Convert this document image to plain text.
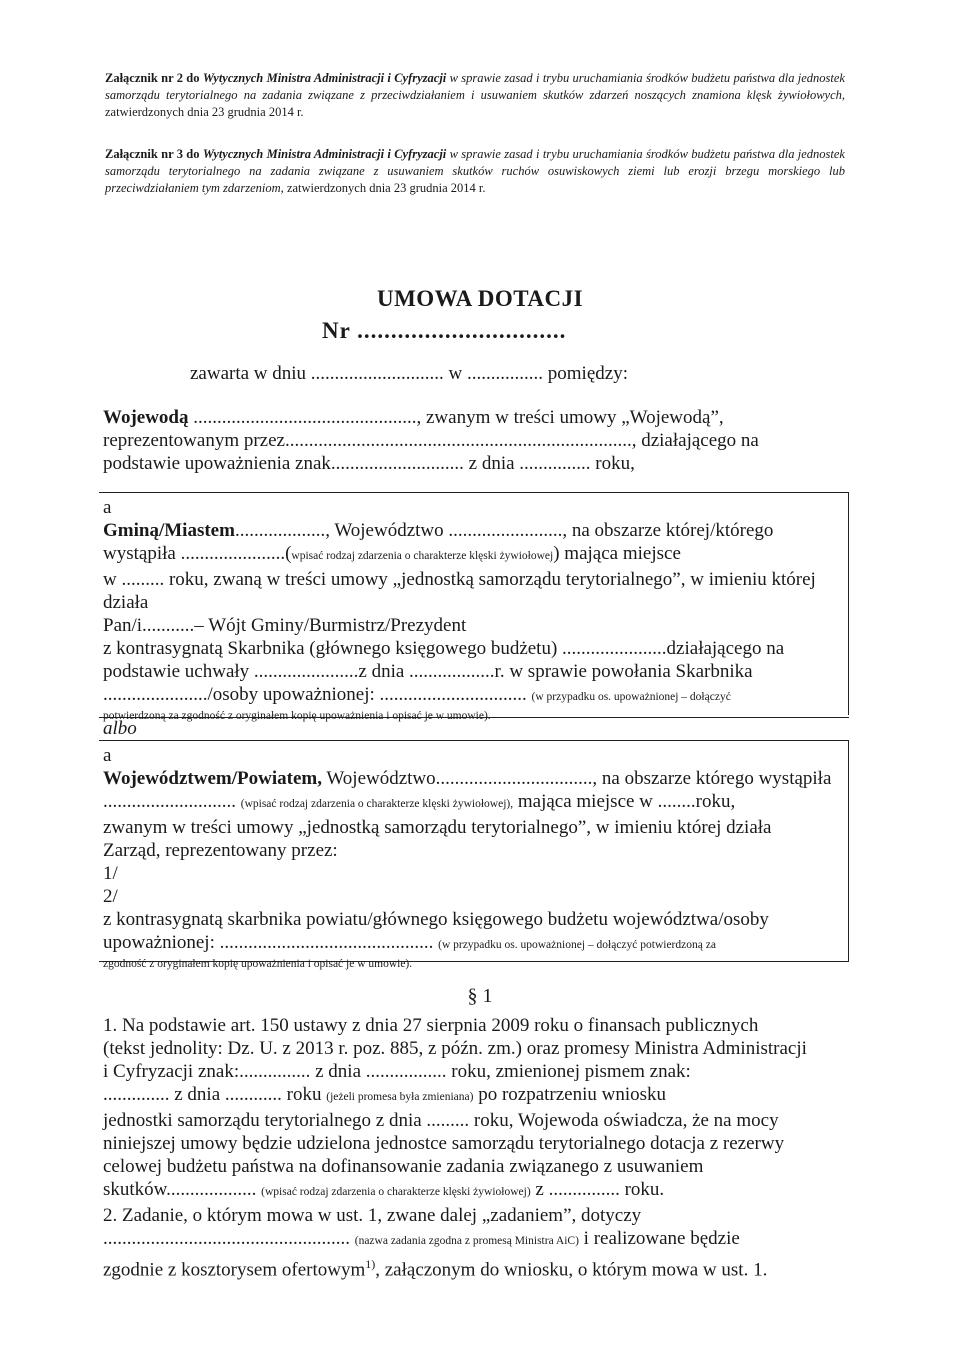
Załącznik nr 2 do Wytycznych Ministra Administracji i Cyfryzacji w sprawie zasad i trybu uruchamiania środków budżetu państwa dla jednostek samorządu terytorialnego na zadania związane z przeciwdziałaniem i usuwaniem skutków zdarzeń noszących znamiona klęsk żywiołowych, zatwierdzonych dnia 23 grudnia 2014 r.
Załącznik nr 3 do Wytycznych Ministra Administracji i Cyfryzacji w sprawie zasad i trybu uruchamiania środków budżetu państwa dla jednostek samorządu terytorialnego na zadania związane z usuwaniem skutków ruchów osuwiskowych ziemi lub erozji brzegu morskiego lub przeciwdziałaniem tym zdarzeniom, zatwierdzonych dnia 23 grudnia 2014 r.
UMOWA DOTACJI
Nr ...............................
zawarta w dniu ............................ w ................ pomiędzy:
Wojewodą ..............................................., zwanym w treści umowy „Wojewodą”,
reprezentowanym przez........................................................................., działającego na
podstawie upoważnienia znak............................ z dnia ............... roku,
a
Gminą/Miastem..................., Województwo ........................, na obszarze której/którego
wystąpiła ......................(wpisać rodzaj zdarzenia o charakterze klęski żywiołowej) mająca miejsce
w ......... roku, zwaną w treści umowy „jednostką samorządu terytorialnego”, w imieniu której
działa
Pan/i...........– Wójt Gminy/Burmistrz/Prezydent
z kontrasygnatą Skarbnika (głównego księgowego budżetu) ......................działającego na
podstawie uchwały ......................z dnia ..................r. w sprawie powołania Skarbnika
....................../osoby upoważnionej: ............................... (w przypadku os. upoważnionej – dołączyć
potwierdzoną za zgodność z oryginałem kopię upoważnienia i opisać je w umowie).
albo
a
Województwem/Powiatem, Województwo................................., na obszarze którego wystąpiła
............................ (wpisać rodzaj zdarzenia o charakterze klęski żywiołowej), mająca miejsce w ........roku,
zwanym w treści umowy „jednostką samorządu terytorialnego”, w imieniu której działa
Zarząd, reprezentowany przez:
1/
2/
z kontrasygnatą skarbnika powiatu/głównego księgowego budżetu województwa/osoby
upoważnionej: ............................................. (w przypadku os. upoważnionej – dołączyć potwierdzoną za
zgodność z oryginałem kopię upoważnienia i opisać je w umowie).
§ 1
1. Na podstawie art. 150 ustawy z dnia 27 sierpnia 2009 roku o finansach publicznych
(tekst jednolity: Dz. U. z 2013 r. poz. 885, z późn. zm.) oraz promesy Ministra Administracji
i Cyfryzacji znak:............... z dnia ................. roku, zmienionej pismem znak:
.............. z dnia ............ roku (jeżeli promesa była zmieniana) po rozpatrzeniu wniosku
jednostki samorządu terytorialnego z dnia ......... roku, Wojewoda oświadcza, że na mocy
niniejszej umowy będzie udzielona jednostce samorządu terytorialnego dotacja z rezerwy
celowej budżetu państwa na dofinansowanie zadania związanego z usuwaniem
skutków................... (wpisać rodzaj zdarzenia o charakterze klęski żywiołowej) z ............... roku.
2. Zadanie, o którym mowa w ust. 1, zwane dalej „zadaniem”, dotyczy
.................................................... (nazwa zadania zgodna z promesą Ministra AiC) i realizowane będzie
zgodnie z kosztorysem ofertowym$^{1)}$, załączonym do wniosku, o którym mowa w ust. 1.
